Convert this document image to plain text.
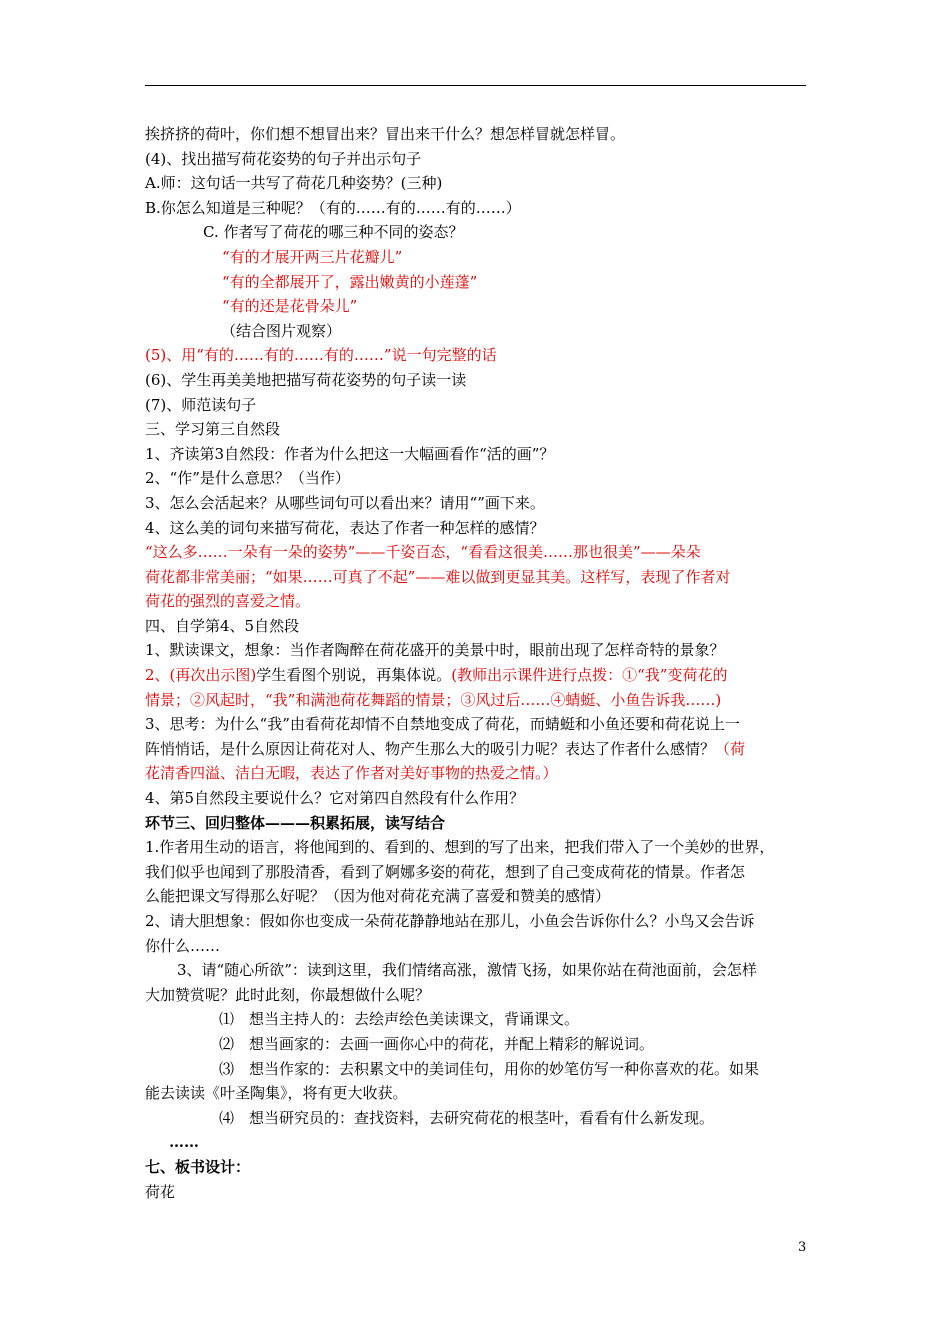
挨挤挤的荷叶，你们想不想冒出来？冒出来干什么？想怎样冒就怎样冒。
(4)、找出描写荷花姿势的句子并出示句子
A.师：这句话一共写了荷花几种姿势？(三种)
B.你怎么知道是三种呢？（有的……有的……有的……）
C. 作者写了荷花的哪三种不同的姿态？
“有的才展开两三片花瓣儿”
“有的全都展开了，露出嫩黄的小莲蓬”
“有的还是花骨朵儿”
（结合图片观察）
(5)、用“有的……有的……有的……”说一句完整的话
(6)、学生再美美地把描写荷花姿势的句子读一读
(7)、师范读句子
三、学习第三自然段
1、齐读第3自然段：作者为什么把这一大幅画看作“活的画”？
2、“作”是什么意思？（当作）
3、怎么会活起来？从哪些词句可以看出来？请用“”画下来。
4、这么美的词句来描写荷花，表达了作者一种怎样的感情？
“这么多……一朵有一朵的姿势”——千姿百态，“看看这很美……那也很美”——朵朵
荷花都非常美丽；“如果……可真了不起”——难以做到更显其美。这样写，表现了作者对
荷花的强烈的喜爱之情。
四、自学第4、5自然段
1、默读课文，想象：当作者陶醉在荷花盛开的美景中时，眼前出现了怎样奇特的景象？
2、(再次出示图)学生看图个别说，再集体说。(教师出示课件进行点拨：①“我”变荷花的
情景；②风起时，“我”和满池荷花舞蹈的情景；③风过后……④蜻蜓、小鱼告诉我……)
3、思考：为什么“我”由看荷花却情不自禁地变成了荷花，而蜻蜓和小鱼还要和荷花说上一
阵悄悄话，是什么原因让荷花对人、物产生那么大的吸引力呢？表达了作者什么感情？（荷
花清香四溢、洁白无暇，表达了作者对美好事物的热爱之情。）
4、第5自然段主要说什么？它对第四自然段有什么作用？
环节三、回归整体———积累拓展，读写结合
1.作者用生动的语言，将他闻到的、看到的、想到的写了出来，把我们带入了一个美妙的世界，
我们似乎也闻到了那股清香，看到了婀娜多姿的荷花，想到了自己变成荷花的情景。作者怎
么能把课文写得那么好呢？（因为他对荷花充满了喜爱和赞美的感情）
2、请大胆想象：假如你也变成一朵荷花静静地站在那儿，小鱼会告诉你什么？小鸟又会告诉
你什么……
3、请“随心所欲”：读到这里，我们情绪高涨，激情飞扬，如果你站在荷池面前，会怎样
大加赞赏呢？此时此刻，你最想做什么呢？
⑴　想当主持人的：去绘声绘色美读课文，背诵课文。
⑵　想当画家的：去画一画你心中的荷花，并配上精彩的解说词。
⑶　想当作家的：去积累文中的美词佳句，用你的妙笔仿写一种你喜欢的花。如果
能去读读《叶圣陶集》，将有更大收获。
⑷　想当研究员的：查找资料，去研究荷花的根茎叶，看看有什么新发现。
……
七、板书设计：
荷花
3
